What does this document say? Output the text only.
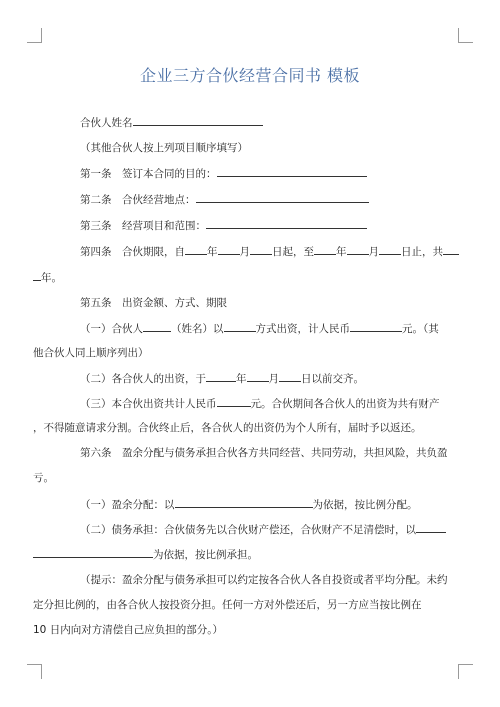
企业三方合伙经营合同书 模板
合伙人姓名
（其他合伙人按上列项目顺序填写）
第一条　签订本合同的目的：
第二条　合伙经营地点：
第三条　经营项目和范围：
第四条　合伙期限，自 年 月 日起，至 年 月 日止，共
年。
第五条　出资金额、方式、期限
（一）合伙人	（姓名）以	方式出资，计人民币	元。（其
他合伙人同上顺序列出）
（二）各合伙人的出资，于	年 月 日以前交齐。
（三）本合伙出资共计人民币	元。合伙期间各合伙人的出资为共有财产
，不得随意请求分割。合伙终止后，各合伙人的出资仍为个人所有，届时予以返还。
第六条　盈余分配与债务承担合伙各方共同经营、共同劳动，共担风险，共负盈
亏。
（一）盈余分配：以	为依据，按比例分配。
（二）债务承担：合伙债务先以合伙财产偿还，合伙财产不足清偿时，以
为依据，按比例承担。
（提示：盈余分配与债务承担可以约定按各合伙人各自投资或者平均分配。未约
定分担比例的，由各合伙人按投资分担。任何一方对外偿还后，另一方应当按比例在
10 日内向对方清偿自己应负担的部分。）
